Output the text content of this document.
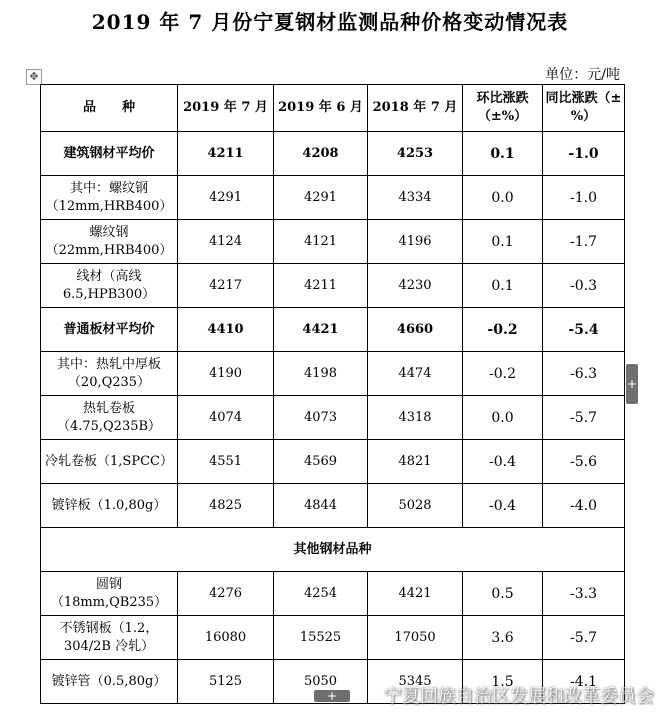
2019 年 7 月份宁夏钢材监测品种价格变动情况表
单位：元/吨
✥
品　　种	2019 年 7 月	2019 年 6 月	2018 年 7 月	环比涨跌（±%）	同比涨跌（±%）
建筑钢材平均价	4211	4208	4253	0.1	-1.0
其中：螺纹钢（12mm,HRB400）	4291	4291	4334	0.0	-1.0
螺纹钢（22mm,HRB400）	4124	4121	4196	0.1	-1.7
线材（高线 6.5,HPB300）	4217	4211	4230	0.1	-0.3
普通板材平均价	4410	4421	4660	-0.2	-5.4
其中：热轧中厚板（20,Q235）	4190	4198	4474	-0.2	-6.3
热轧卷板（4.75,Q235B）	4074	4073	4318	0.0	-5.7
冷轧卷板（1,SPCC）	4551	4569	4821	-0.4	-5.6
镀锌板（1.0,80g）	4825	4844	5028	-0.4	-4.0
其他钢材品种					
圆钢（18mm,QB235）	4276	4254	4421	0.5	-3.3
不锈钢板（1.2，304/2B 冷轧）	16080	15525	17050	3.6	-5.7
镀锌管（0.5,80g）	5125	5050	5345	1.5	-4.1
+
+	宁夏回族自治区发展和改革委员会
